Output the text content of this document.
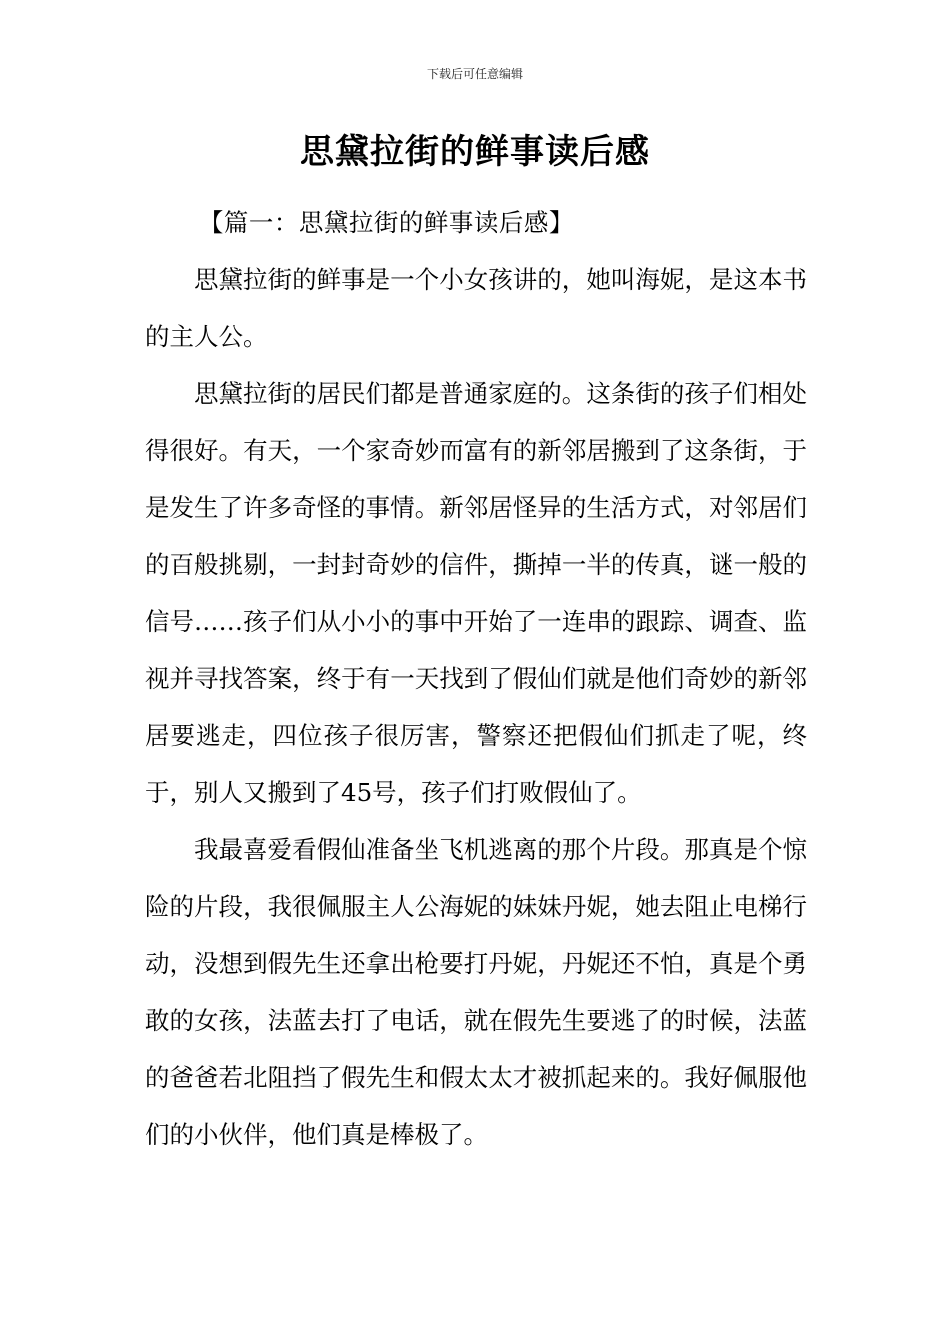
下载后可任意编辑
思黛拉街的鲜事读后感

【篇一：思黛拉街的鲜事读后感】

思黛拉街的鲜事是一个小女孩讲的，她叫海妮，是这本书的主人公。

思黛拉街的居民们都是普通家庭的。这条街的孩子们相处得很好。有天，一个家奇妙而富有的新邻居搬到了这条街，于是发生了许多奇怪的事情。新邻居怪异的生活方式，对邻居们的百般挑剔，一封封奇妙的信件，撕掉一半的传真，谜一般的信号……孩子们从小小的事中开始了一连串的跟踪、调查、监视并寻找答案，终于有一天找到了假仙们就是他们奇妙的新邻居要逃走，四位孩子很厉害，警察还把假仙们抓走了呢，终于，别人又搬到了45号，孩子们打败假仙了。

我最喜爱看假仙准备坐飞机逃离的那个片段。那真是个惊险的片段，我很佩服主人公海妮的妹妹丹妮，她去阻止电梯行动，没想到假先生还拿出枪要打丹妮，丹妮还不怕，真是个勇敢的女孩，法蓝去打了电话，就在假先生要逃了的时候，法蓝的爸爸若北阻挡了假先生和假太太才被抓起来的。我好佩服他们的小伙伴，他们真是棒极了。
